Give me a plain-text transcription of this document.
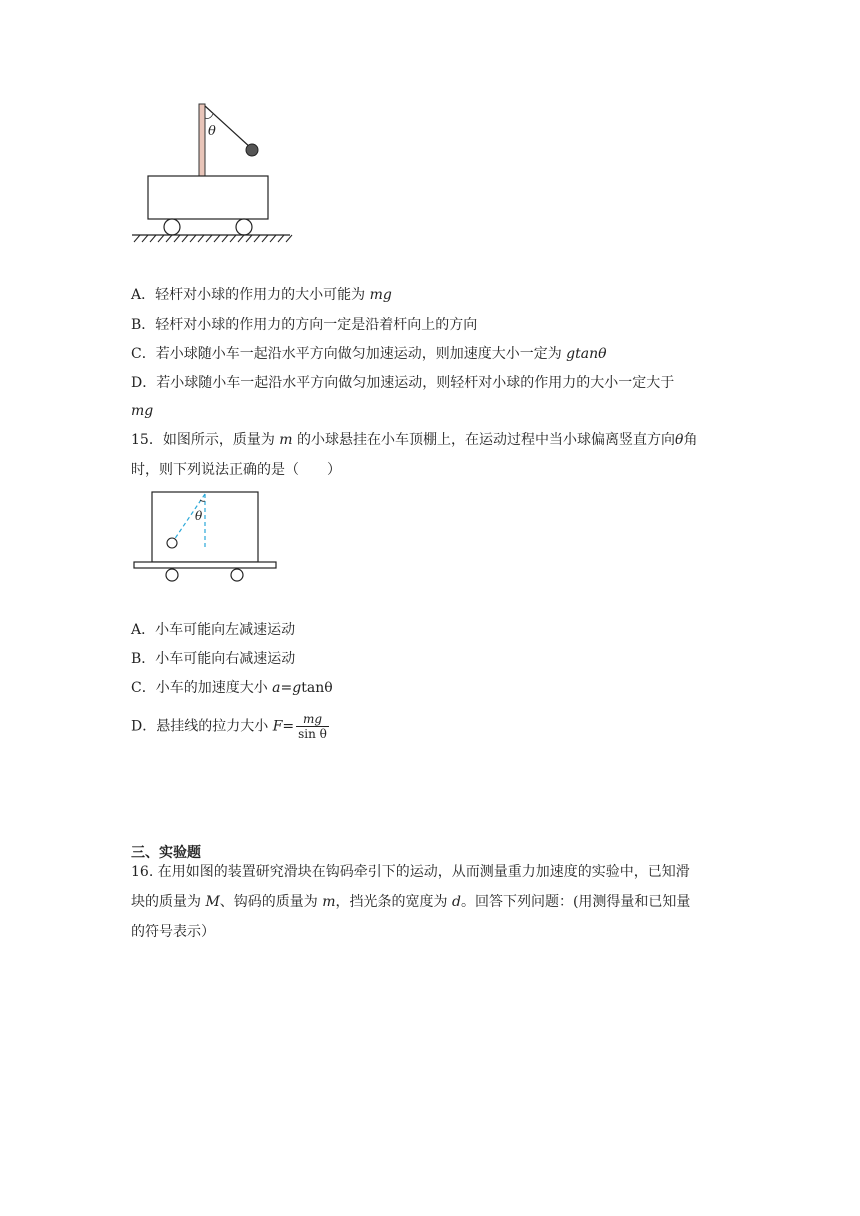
θ
A．轻杆对小球的作用力的大小可能为 mg
B．轻杆对小球的作用力的方向一定是沿着杆向上的方向
C．若小球随小车一起沿水平方向做匀加速运动，则加速度大小一定为 gtanθ
D．若小球随小车一起沿水平方向做匀加速运动，则轻杆对小球的作用力的大小一定大于
mg
15．如图所示，质量为 m 的小球悬挂在小车顶棚上，在运动过程中当小球偏离竖直方向θ角
时，则下列说法正确的是（　　）
θ
A．小车可能向左减速运动
B．小车可能向右减速运动
C．小车的加速度大小 a=gtanθ
D．悬挂线的拉力大小 $F= \frac{mg}{\text{sin θ}}$
三、实验题
16. 在用如图的装置研究滑块在钩码牵引下的运动，从而测量重力加速度的实验中，已知滑
块的质量为 M、钩码的质量为 m，挡光条的宽度为 d。回答下列问题：(用测得量和已知量
的符号表示）
